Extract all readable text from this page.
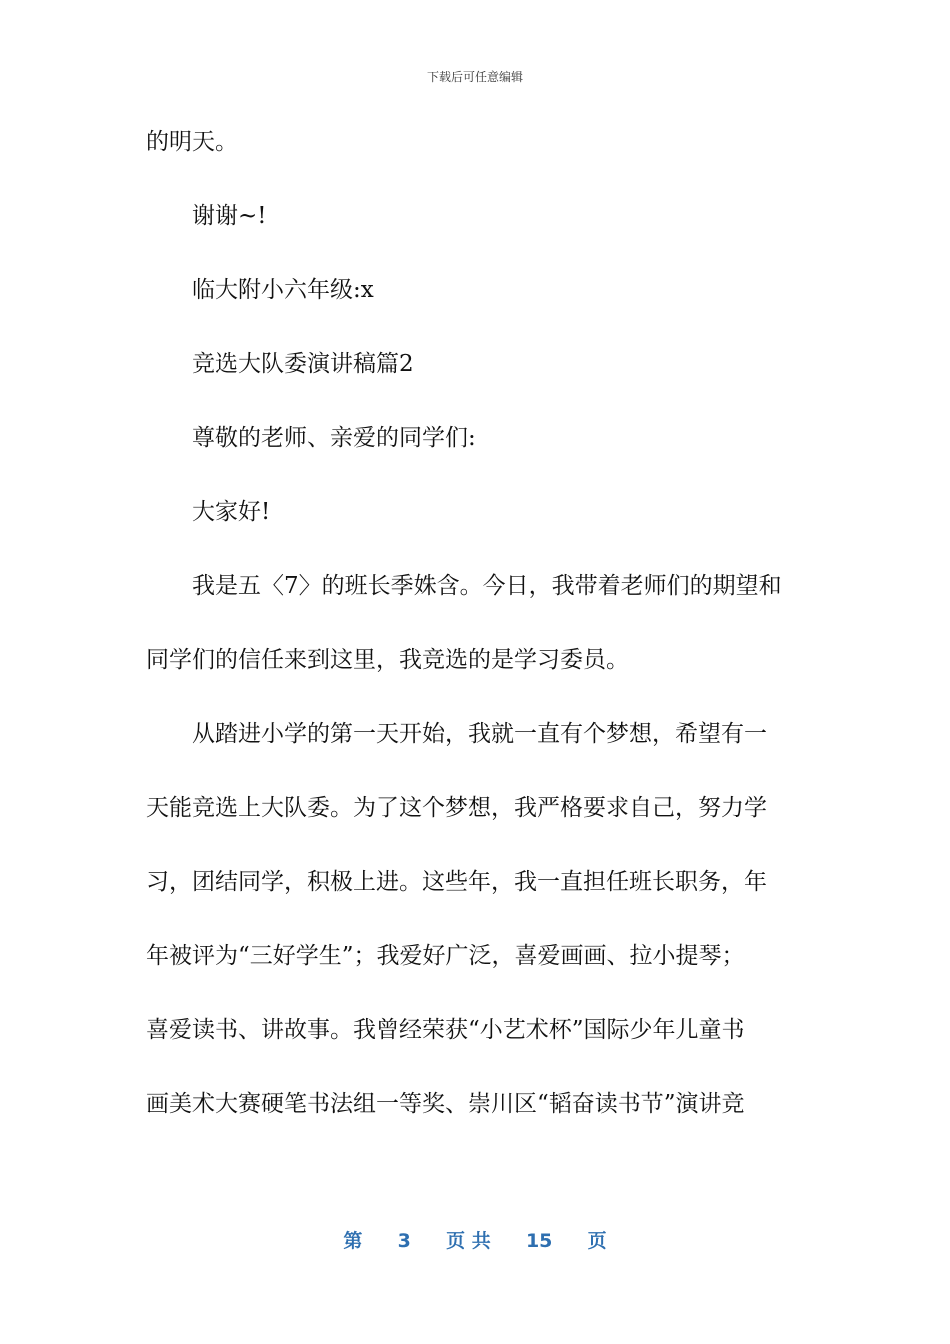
下载后可任意编辑
的明天。
谢谢~!
临大附小六年级:x
竞选大队委演讲稿篇2
尊敬的老师、亲爱的同学们:
大家好!
我是五〈7〉的班长季姝含。今日，我带着老师们的期望和
同学们的信任来到这里，我竞选的是学习委员。
从踏进小学的第一天开始，我就一直有个梦想，希望有一
天能竞选上大队委。为了这个梦想，我严格要求自己，努力学
习，团结同学，积极上进。这些年，我一直担任班长职务，年
年被评为“三好学生”；我爱好广泛，喜爱画画、拉小提琴；
喜爱读书、讲故事。我曾经荣获“小艺术杯”国际少年儿童书
画美术大赛硬笔书法组一等奖、崇川区“韬奋读书节”演讲竞
第 3 页 共 15 页
